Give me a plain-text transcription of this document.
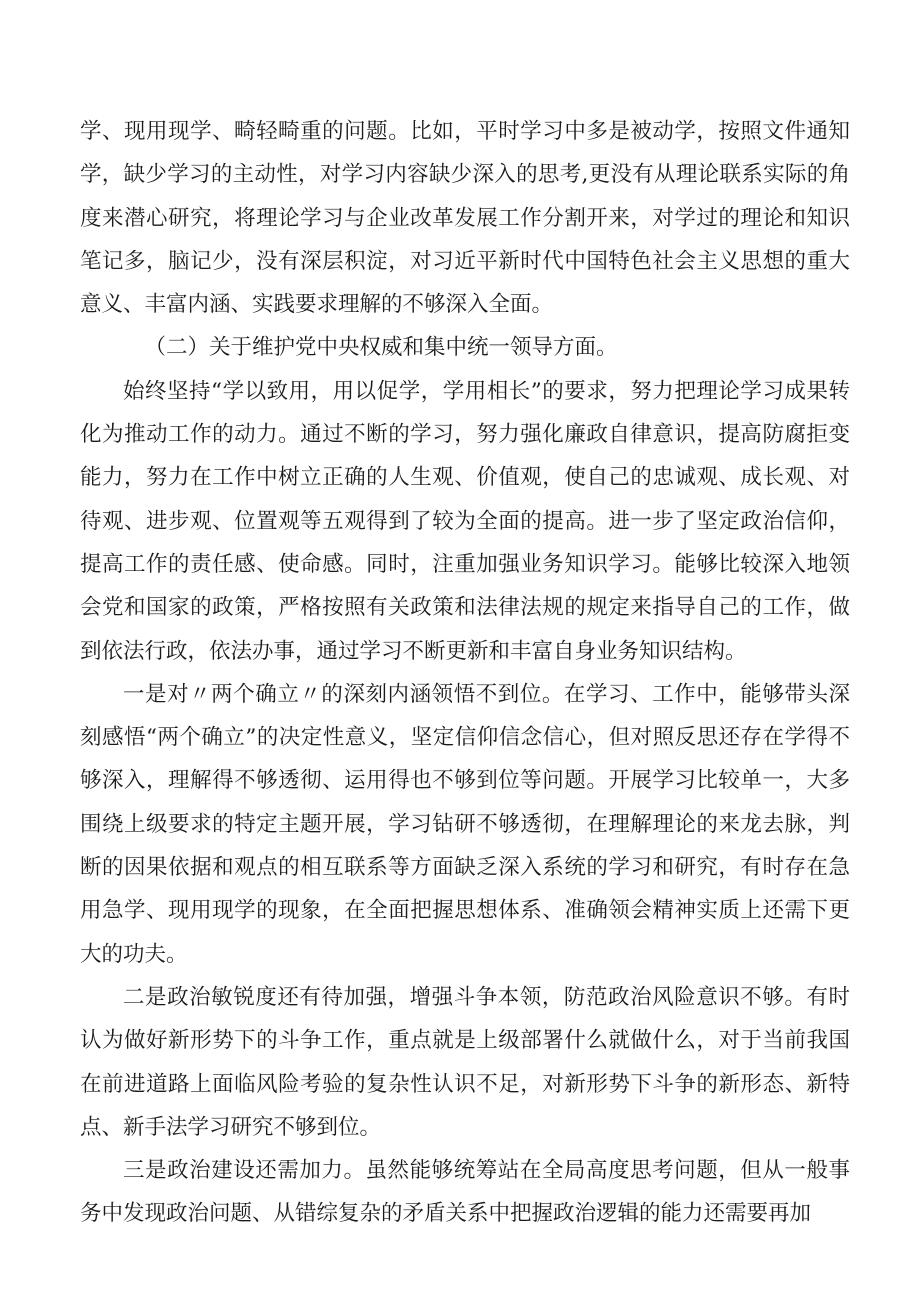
学、现用现学、畸轻畸重的问题。比如，平时学习中多是被动学，按照文件通知学，缺少学习的主动性，对学习内容缺少深入的思考,更没有从理论联系实际的角度来潜心研究，将理论学习与企业改革发展工作分割开来，对学过的理论和知识笔记多，脑记少，没有深层积淀，对习近平新时代中国特色社会主义思想的重大意义、丰富内涵、实践要求理解的不够深入全面。

（二）关于维护党中央权威和集中统一领导方面。

始终坚持“学以致用，用以促学，学用相长”的要求，努力把理论学习成果转化为推动工作的动力。通过不断的学习，努力强化廉政自律意识，提高防腐拒变能力，努力在工作中树立正确的人生观、价值观，使自己的忠诚观、成长观、对待观、进步观、位置观等五观得到了较为全面的提高。进一步了坚定政治信仰，提高工作的责任感、使命感。同时，注重加强业务知识学习。能够比较深入地领会党和国家的政策，严格按照有关政策和法律法规的规定来指导自己的工作，做到依法行政，依法办事，通过学习不断更新和丰富自身业务知识结构。

一是对〃两个确立〃的深刻内涵领悟不到位。在学习、工作中，能够带头深刻感悟“两个确立”的决定性意义，坚定信仰信念信心，但对照反思还存在学得不够深入，理解得不够透彻、运用得也不够到位等问题。开展学习比较单一，大多围绕上级要求的特定主题开展，学习钻研不够透彻，在理解理论的来龙去脉，判断的因果依据和观点的相互联系等方面缺乏深入系统的学习和研究，有时存在急用急学、现用现学的现象，在全面把握思想体系、准确领会精神实质上还需下更大的功夫。

二是政治敏锐度还有待加强，增强斗争本领，防范政治风险意识不够。有时认为做好新形势下的斗争工作，重点就是上级部署什么就做什么，对于当前我国在前进道路上面临风险考验的复杂性认识不足，对新形势下斗争的新形态、新特点、新手法学习研究不够到位。

三是政治建设还需加力。虽然能够统筹站在全局高度思考问题，但从一般事务中发现政治问题、从错综复杂的矛盾关系中把握政治逻辑的能力还需要再加
